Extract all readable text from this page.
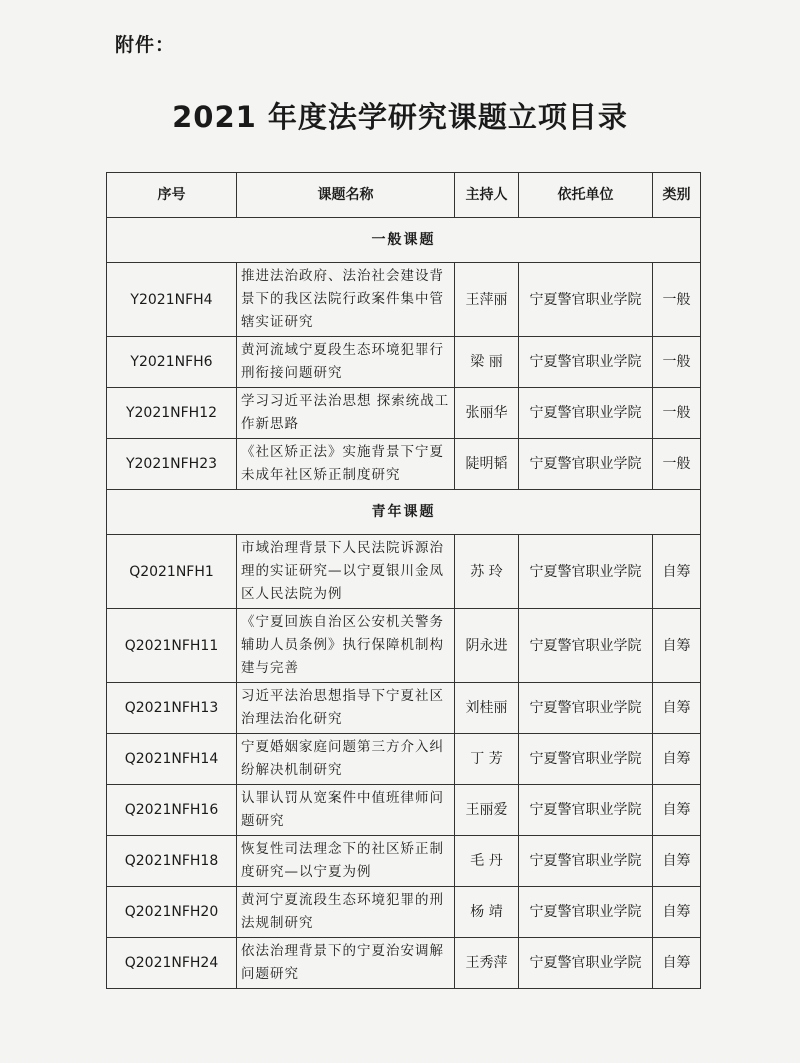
附件：
2021 年度法学研究课题立项目录
序号	课题名称	主持人	依托单位	类别
一般课题				
Y2021NFH4	推进法治政府、法治社会建设背景下的我区法院行政案件集中管辖实证研究	王萍丽	宁夏警官职业学院	一般
Y2021NFH6	黄河流域宁夏段生态环境犯罪行刑衔接问题研究	梁 丽	宁夏警官职业学院	一般
Y2021NFH12	学习习近平法治思想 探索统战工作新思路	张丽华	宁夏警官职业学院	一般
Y2021NFH23	《社区矫正法》实施背景下宁夏未成年社区矫正制度研究	陡明韬	宁夏警官职业学院	一般
青年课题				
Q2021NFH1	市域治理背景下人民法院诉源治理的实证研究—以宁夏银川金凤区人民法院为例	苏 玲	宁夏警官职业学院	自筹
Q2021NFH11	《宁夏回族自治区公安机关警务辅助人员条例》执行保障机制构建与完善	阴永进	宁夏警官职业学院	自筹
Q2021NFH13	习近平法治思想指导下宁夏社区治理法治化研究	刘桂丽	宁夏警官职业学院	自筹
Q2021NFH14	宁夏婚姻家庭问题第三方介入纠纷解决机制研究	丁 芳	宁夏警官职业学院	自筹
Q2021NFH16	认罪认罚从宽案件中值班律师问题研究	王丽爱	宁夏警官职业学院	自筹
Q2021NFH18	恢复性司法理念下的社区矫正制度研究—以宁夏为例	毛 丹	宁夏警官职业学院	自筹
Q2021NFH20	黄河宁夏流段生态环境犯罪的刑法规制研究	杨 靖	宁夏警官职业学院	自筹
Q2021NFH24	依法治理背景下的宁夏治安调解问题研究	王秀萍	宁夏警官职业学院	自筹
